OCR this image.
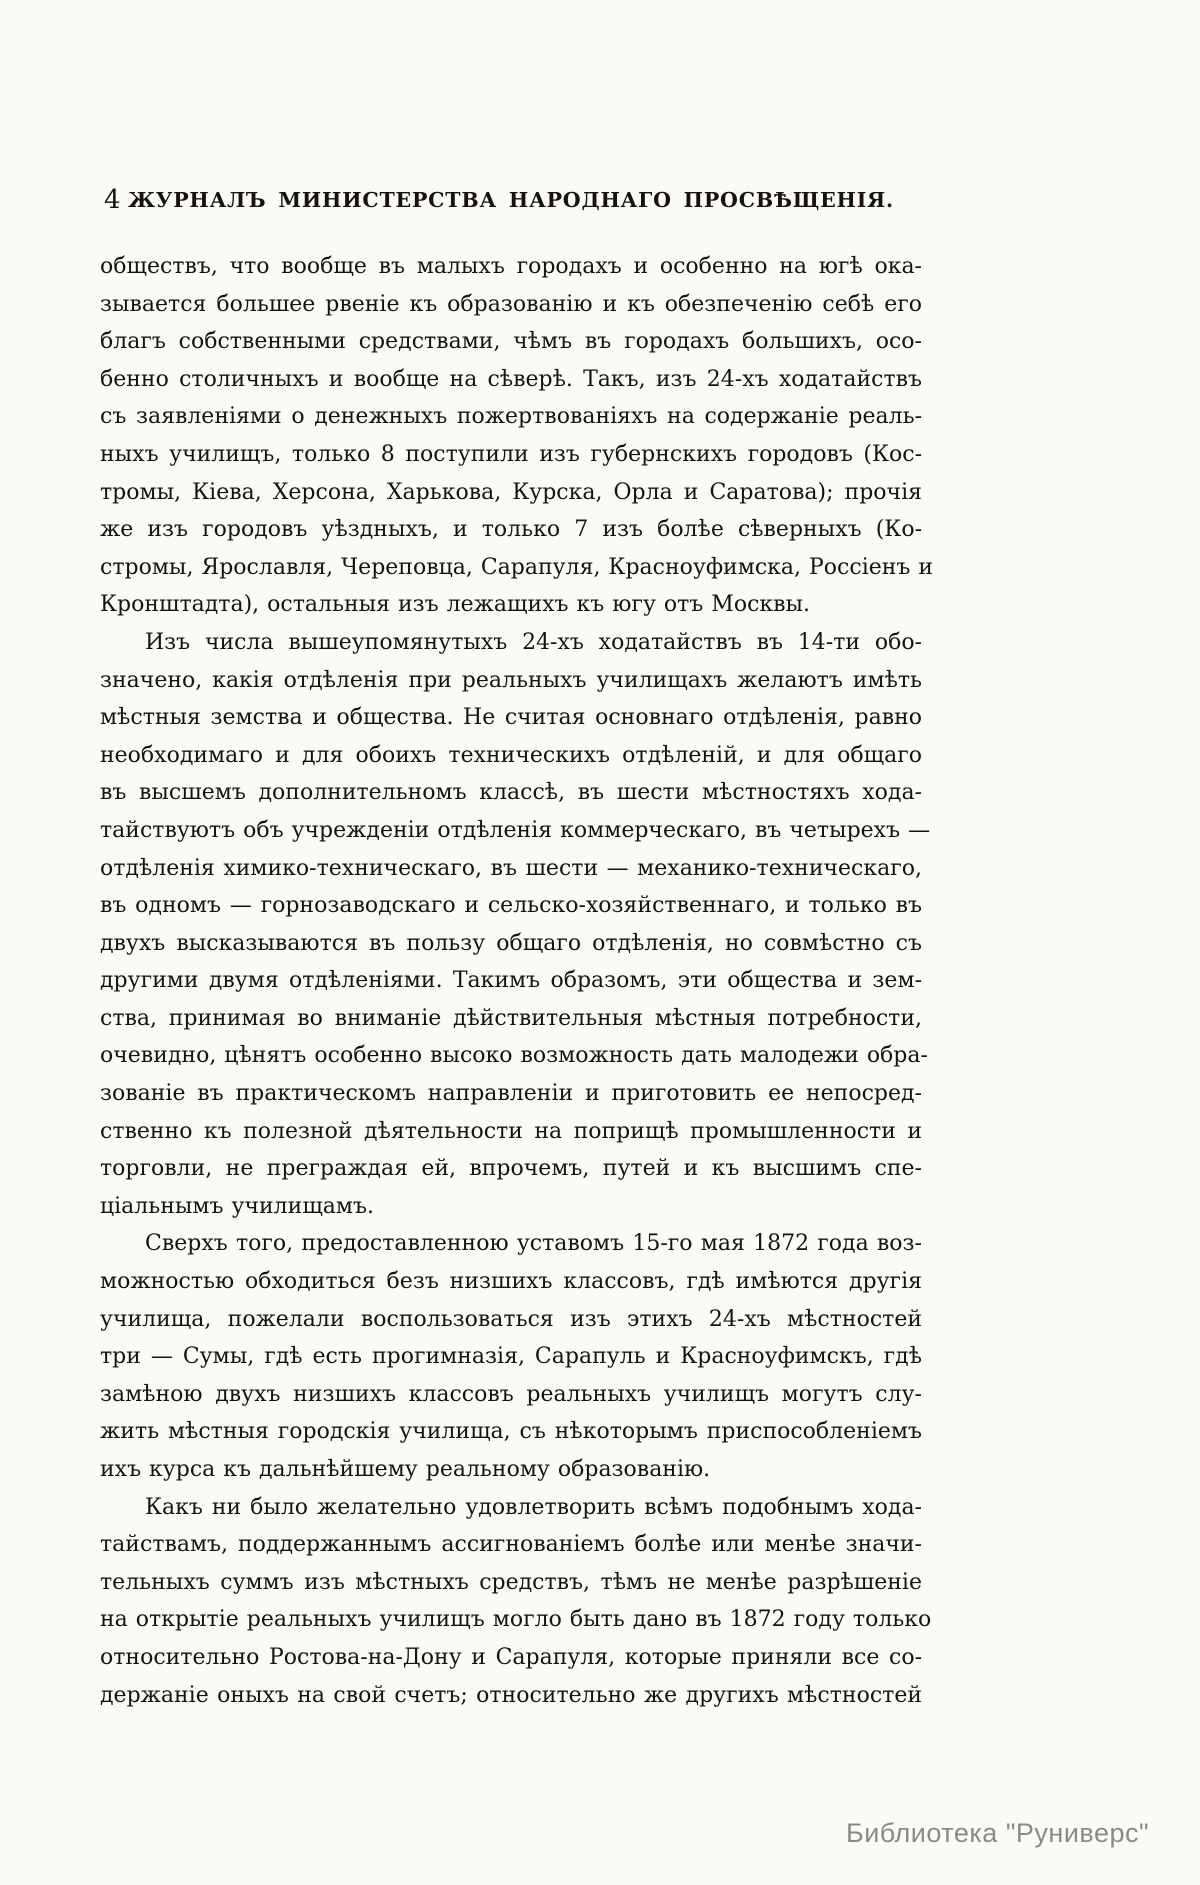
4 ЖУРНАЛЪ МИНИСТЕРСТВА НАРОДНАГО ПРОСВѢЩЕНІЯ.
обществъ, что вообще въ малыхъ городахъ и особенно на югѣ ока-
зывается большее рвеніе къ образованію и къ обезпеченію себѣ его
благъ собственными средствами, чѣмъ въ городахъ большихъ, осо-
бенно столичныхъ и вообще на сѣверѣ. Такъ, изъ 24-хъ ходатайствъ
съ заявленіями о денежныхъ пожертвованіяхъ на содержаніе реаль-
ныхъ училищъ, только 8 поступили изъ губернскихъ городовъ (Кос-
тромы, Кіева, Херсона, Харькова, Курска, Орла и Саратова); прочія
же изъ городовъ уѣздныхъ, и только 7 изъ болѣе сѣверныхъ (Ко-
стромы, Ярославля, Череповца, Сарапуля, Красноуфимска, Россіенъ и
Кронштадта), остальныя изъ лежащихъ къ югу отъ Москвы.
Изъ числа вышеупомянутыхъ 24-хъ ходатайствъ въ 14-ти обо-
значено, какія отдѣленія при реальныхъ училищахъ желаютъ имѣть
мѣстныя земства и общества. Не считая основнаго отдѣленія, равно
необходимаго и для обоихъ техническихъ отдѣленій, и для общаго
въ высшемъ дополнительномъ классѣ, въ шести мѣстностяхъ хода-
тайствуютъ объ учрежденіи отдѣленія коммерческаго, въ четырехъ —
отдѣленія химико-техническаго, въ шести — механико-техническаго,
въ одномъ — горнозаводскаго и сельско-хозяйственнаго, и только въ
двухъ высказываются въ пользу общаго отдѣленія, но совмѣстно съ
другими двумя отдѣленіями. Такимъ образомъ, эти общества и зем-
ства, принимая во вниманіе дѣйствительныя мѣстныя потребности,
очевидно, цѣнятъ особенно высоко возможность дать малодежи обра-
зованіе въ практическомъ направленіи и приготовить ее непосред-
ственно къ полезной дѣятельности на поприщѣ промышленности и
торговли, не преграждая ей, впрочемъ, путей и къ высшимъ спе-
ціальнымъ училищамъ.
Сверхъ того, предоставленною уставомъ 15-го мая 1872 года воз-
можностью обходиться безъ низшихъ классовъ, гдѣ имѣются другія
училища, пожелали воспользоваться изъ этихъ 24-хъ мѣстностей
три — Сумы, гдѣ есть прогимназія, Сарапуль и Красноуфимскъ, гдѣ
замѣною двухъ низшихъ классовъ реальныхъ училищъ могутъ слу-
жить мѣстныя городскія училища, съ нѣкоторымъ приспособленіемъ
ихъ курса къ дальнѣйшему реальному образованію.
Какъ ни было желательно удовлетворить всѣмъ подобнымъ хода-
тайствамъ, поддержаннымъ ассигнованіемъ болѣе или менѣе значи-
тельныхъ суммъ изъ мѣстныхъ средствъ, тѣмъ не менѣе разрѣшеніе
на открытіе реальныхъ училищъ могло быть дано въ 1872 году только
относительно Ростова-на-Дону и Сарапуля, которые приняли все со-
держаніе оныхъ на свой счетъ; относительно же другихъ мѣстностей
Библиотека "Руниверс"
